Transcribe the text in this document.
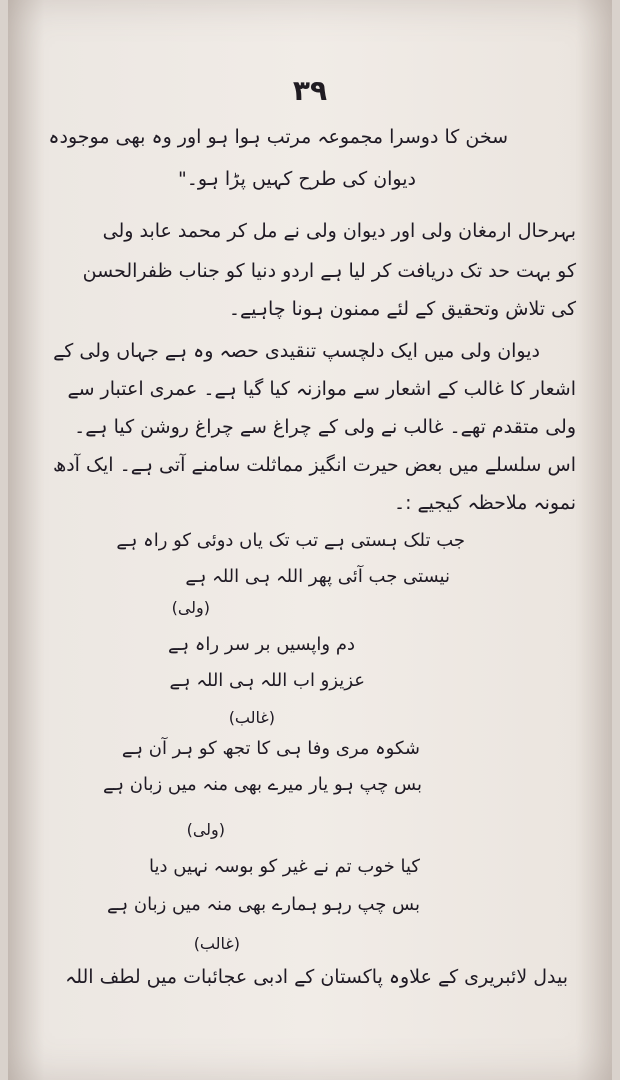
۳۹
سخن کا دوسرا مجموعہ مرتب ہوا ہو اور وہ بھی موجودہ
دیوان کی طرح کہیں پڑا ہو۔"
بہرحال ارمغان ولی اور دیوان ولی نے مل کر محمد عابد ولی
کو بہت حد تک دریافت کر لیا ہے اردو دنیا کو جناب ظفرالحسن
کی تلاش وتحقیق کے لئے ممنون ہونا چاہیے۔
دیوان ولی میں ایک دلچسپ تنقیدی حصہ وہ ہے جہاں ولی کے
اشعار کا غالب کے اشعار سے موازنہ کیا گیا ہے۔ عمری اعتبار سے
ولی متقدم تھے۔ غالب نے ولی کے چراغ سے چراغ روشن کیا ہے۔
اس سلسلے میں بعض حیرت انگیز مماثلت سامنے آتی ہے۔ ایک آدھ
نمونہ ملاحظہ کیجیے :۔
جب تلک ہستی ہے تب تک یاں دوئی کو راہ ہے
نیستی جب آئی پھر اللہ ہی اللہ ہے
(ولی)
دم واپسیں بر سر راہ ہے
عزیزو اب اللہ ہی اللہ ہے
(غالب)
شکوہ مری وفا ہی کا تجھ کو ہر آن ہے
بس چپ ہو یار میرے بھی منہ میں زبان ہے
(ولی)
کیا خوب تم نے غیر کو بوسہ نہیں دیا
بس چپ رہو ہمارے بھی منہ میں زبان ہے
(غالب)
بیدل لائبریری کے علاوہ پاکستان کے ادبی عجائبات میں لطف اللہ
